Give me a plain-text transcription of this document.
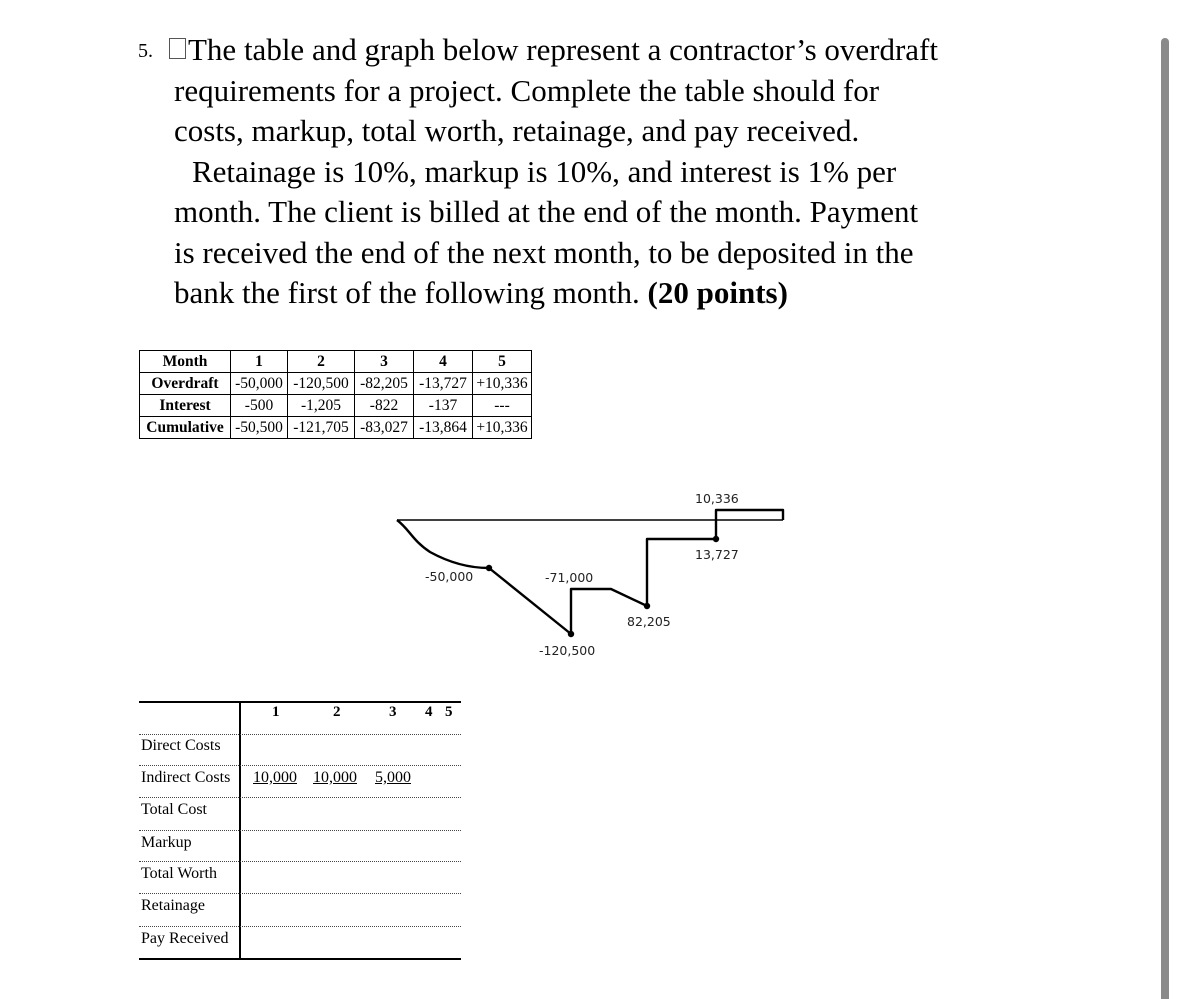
5.	The table and graph below represent a contractor’s overdraft

requirements for a project. Complete the table should for

costs, markup, total worth, retainage, and pay received.

Retainage is 10%, markup is 10%, and interest is 1% per

month. The client is billed at the end of the month. Payment

is received the end of the next month, to be deposited in the

bank the first of the following month. (20 points)

Month	1	2	3	4	5
Overdraft	-50,000	-120,500	-82,205	-13,727	+10,336
Interest	-500	-1,205	-822	-137	---
Cumulative	-50,500	-121,705	-83,027	-13,864	+10,336
-50,000	-71,000
-120,500
82,205
13,727
10,336
1	2	3 4 5
Direct Costs
Indirect Costs 10,000 10,000 5,000
Total Cost
Markup
Total Worth
Retainage
Pay Received
